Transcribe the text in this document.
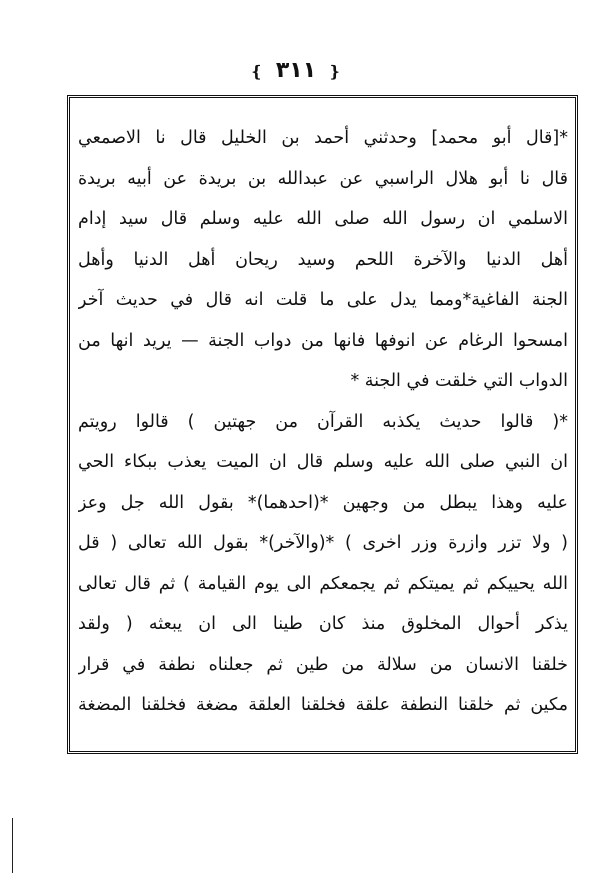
❴ ٣١١ ❵
*[قال أبو محمد] وحدثني أحمد بن الخليل قال نا الاصمعي
قال نا أبو هلال الراسبي عن عبدالله بن بريدة عن أبيه بريدة
الاسلمي ان رسول الله صلى الله عليه وسلم قال سيد إدام
أهل الدنيا والآخرة اللحم وسيد ريحان أهل الدنيا وأهل
الجنة الفاغية*ومما يدل على ما قلت انه قال في حديث آخر
امسحوا الرغام عن انوفها فانها من دواب الجنة — يريد انها من
الدواب التي خلقت في الجنة *
*( قالوا حديث يكذبه القرآن من جهتين ) قالوا رويتم
ان النبي صلى الله عليه وسلم قال ان الميت يعذب ببكاء الحي
عليه وهذا يبطل من وجهين *(احدهما)* بقول الله جل وعز
( ولا تزر وازرة وزر اخرى ) *(والآخر)* بقول الله تعالى ( قل
الله يحييكم ثم يميتكم ثم يجمعكم الى يوم القيامة ) ثم قال تعالى
يذكر أحوال المخلوق منذ كان طينا الى ان يبعثه ( ولقد
خلقنا الانسان من سلالة من طين ثم جعلناه نطفة في قرار
مكين ثم خلقنا النطفة علقة فخلقنا العلقة مضغة فخلقنا المضغة
